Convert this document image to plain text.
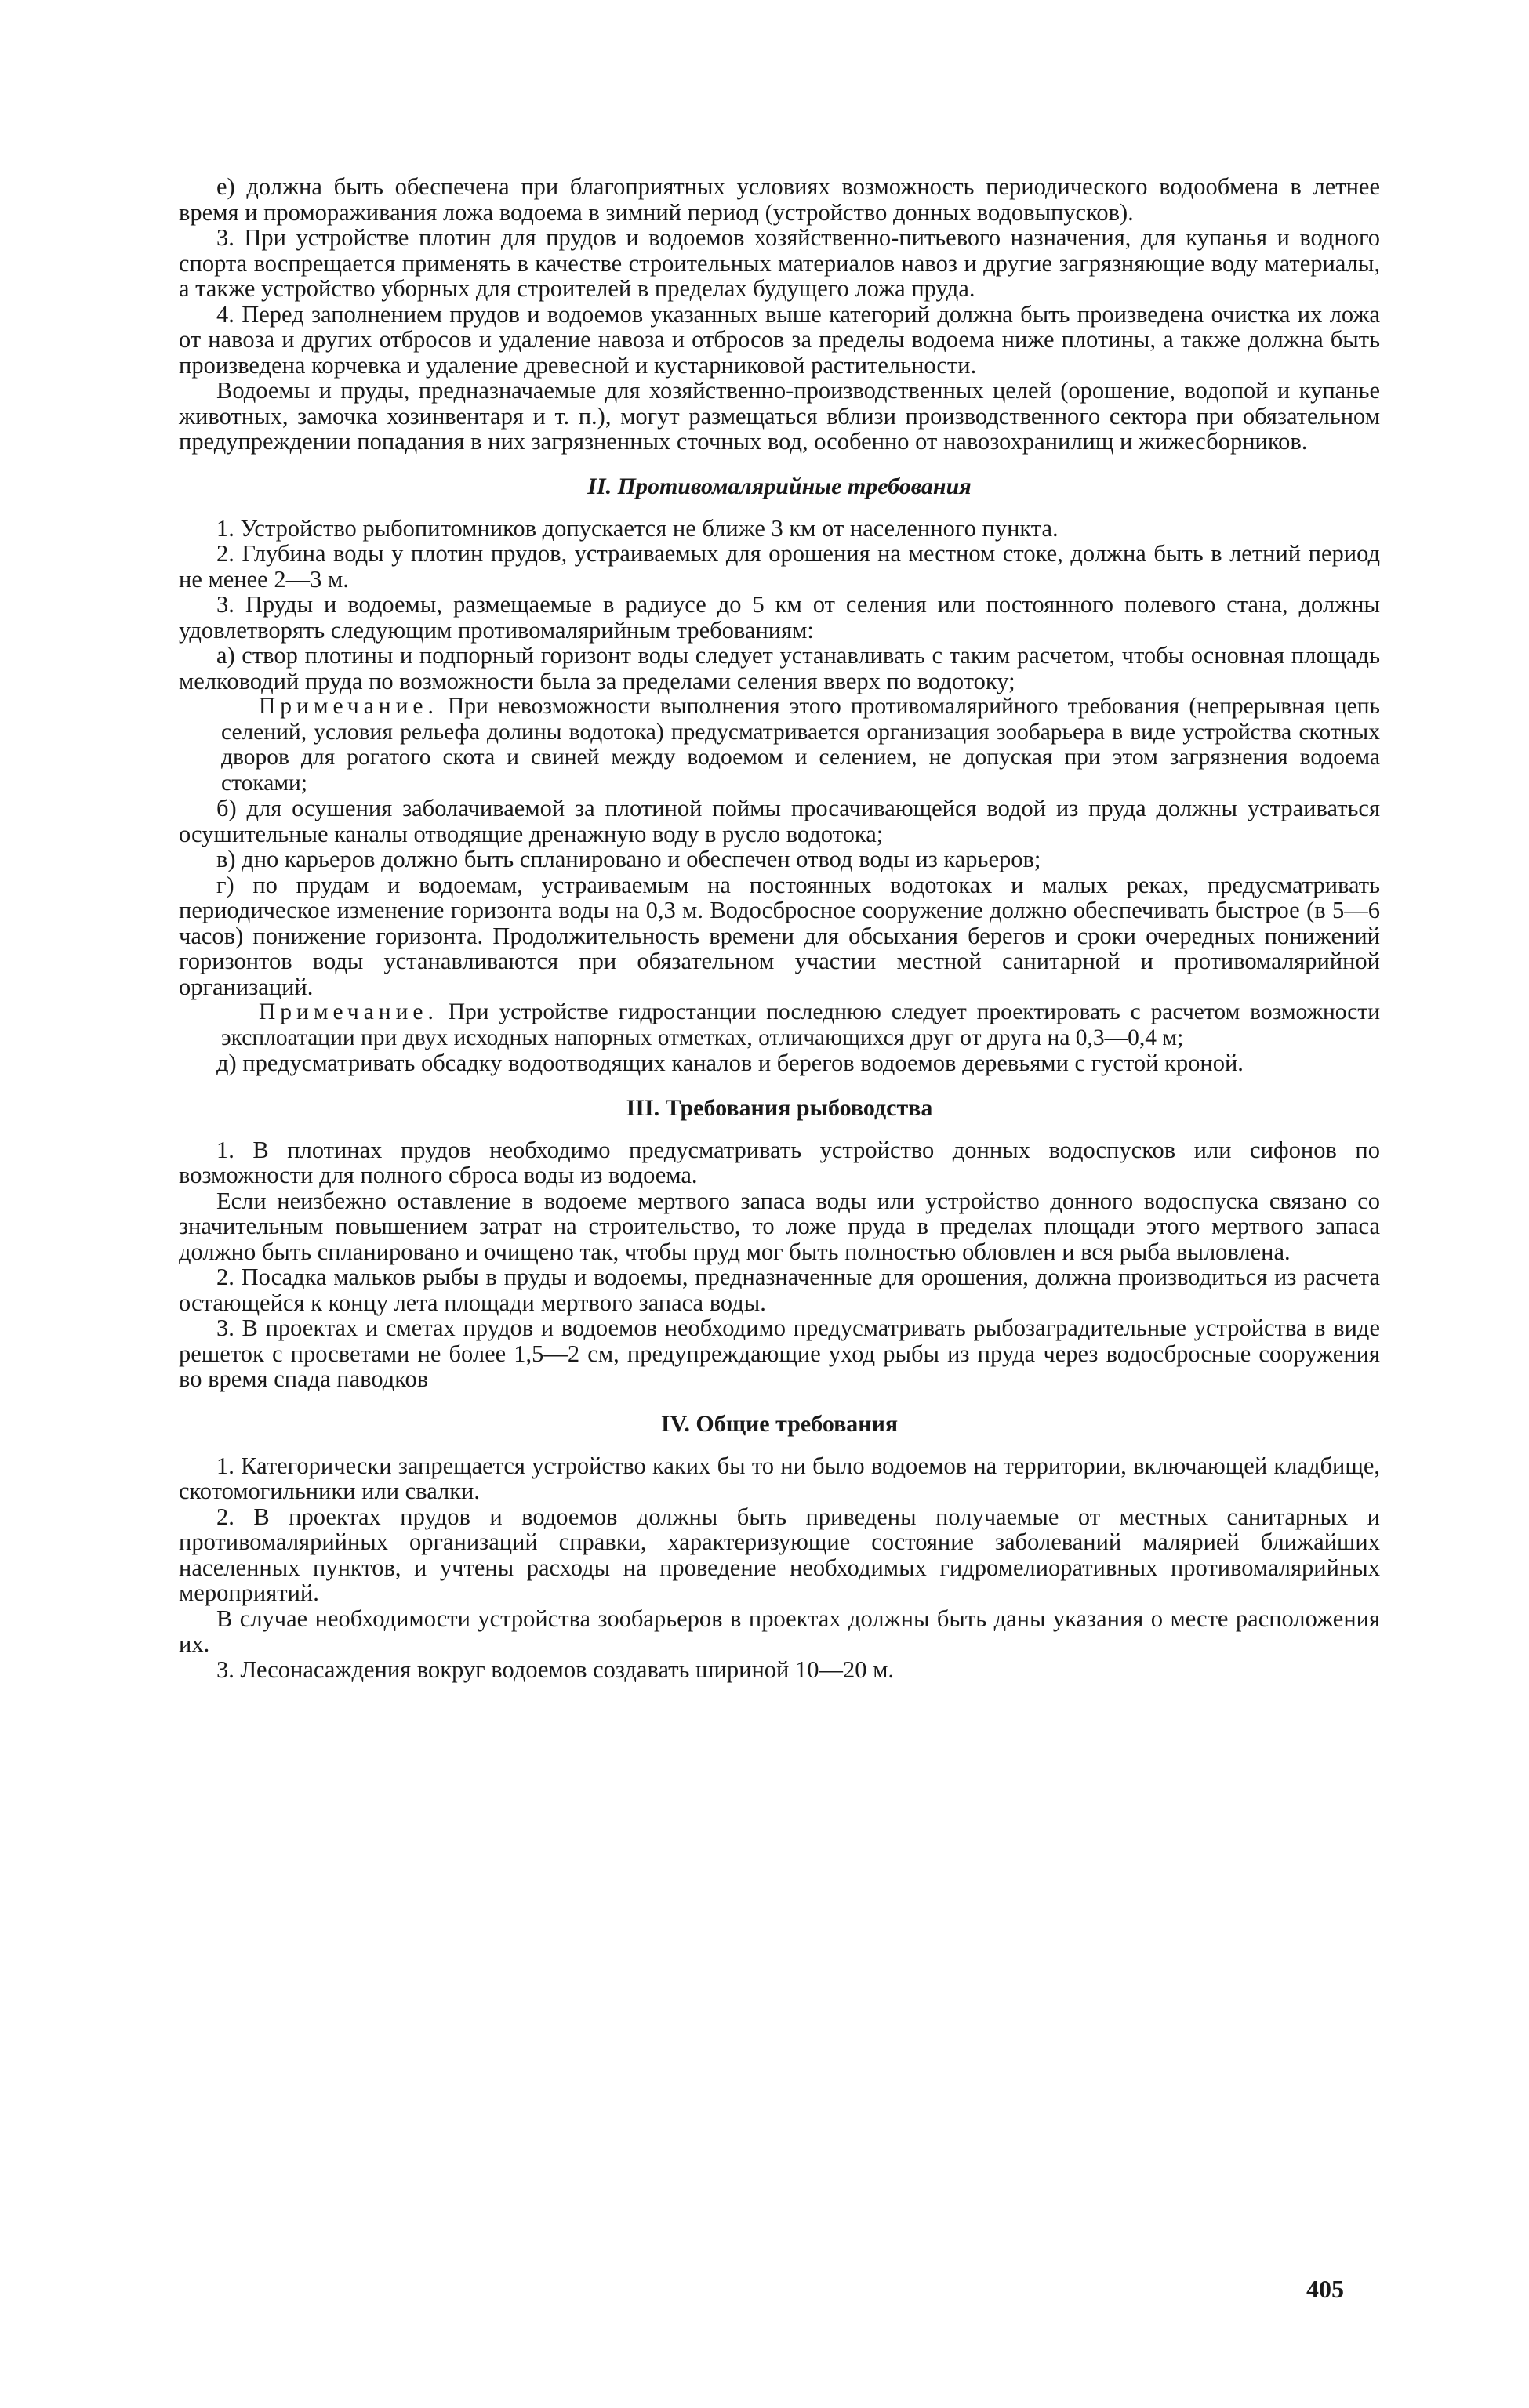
е) должна быть обеспечена при благоприятных условиях возможность периодического водообмена в летнее время и промораживания ложа водоема в зимний период (устройство донных водовыпусков).

3. При устройстве плотин для прудов и водоемов хозяйственно-питьевого назначения, для купанья и водного спорта воспрещается применять в качестве строительных материалов навоз и другие загрязняющие воду материалы, а также устройство уборных для строителей в пределах будущего ложа пруда.

4. Перед заполнением прудов и водоемов указанных выше категорий должна быть произведена очистка их ложа от навоза и других отбросов и удаление навоза и отбросов за пределы водоема ниже плотины, а также должна быть произведена корчевка и удаление древесной и кустарниковой растительности.

Водоемы и пруды, предназначаемые для хозяйственно-производственных целей (орошение, водопой и купанье животных, замочка хозинвентаря и т. п.), могут размещаться вблизи производственного сектора при обязательном предупреждении попадания в них загрязненных сточных вод, особенно от навозохранилищ и жижесборников.

II. Противомалярийные требования

1. Устройство рыбопитомников допускается не ближе 3 км от населенного пункта.

2. Глубина воды у плотин прудов, устраиваемых для орошения на местном стоке, должна быть в летний период не менее 2—3 м.

3. Пруды и водоемы, размещаемые в радиусе до 5 км от селения или постоянного полевого стана, должны удовлетворять следующим противомалярийным требованиям:

а) створ плотины и подпорный горизонт воды следует устанавливать с таким расчетом, чтобы основная площадь мелководий пруда по возможности была за пределами селения вверх по водотоку;

Примечание. При невозможности выполнения этого противомалярийного требования (непрерывная цепь селений, условия рельефа долины водотока) предусматривается организация зообарьера в виде устройства скотных дворов для рогатого скота и свиней между водоемом и селением, не допуская при этом загрязнения водоема стоками;

б) для осушения заболачиваемой за плотиной поймы просачивающейся водой из пруда должны устраиваться осушительные каналы отводящие дренажную воду в русло водотока;

в) дно карьеров должно быть спланировано и обеспечен отвод воды из карьеров;

г) по прудам и водоемам, устраиваемым на постоянных водотоках и малых реках, предусматривать периодическое изменение горизонта воды на 0,3 м. Водосбросное сооружение должно обеспечивать быстрое (в 5—6 часов) понижение горизонта. Продолжительность времени для обсыхания берегов и сроки очередных понижений горизонтов воды устанавливаются при обязательном участии местной санитарной и противомалярийной организаций.

Примечание. При устройстве гидростанции последнюю следует проектировать с расчетом возможности эксплоатации при двух исходных напорных отметках, отличающихся друг от друга на 0,3—0,4 м;

д) предусматривать обсадку водоотводящих каналов и берегов водоемов деревьями с густой кроной.

III. Требования рыбоводства

1. В плотинах прудов необходимо предусматривать устройство донных водоспусков или сифонов по возможности для полного сброса воды из водоема.

Если неизбежно оставление в водоеме мертвого запаса воды или устройство донного водоспуска связано со значительным повышением затрат на строительство, то ложе пруда в пределах площади этого мертвого запаса должно быть спланировано и очищено так, чтобы пруд мог быть полностью обловлен и вся рыба выловлена.

2. Посадка мальков рыбы в пруды и водоемы, предназначенные для орошения, должна производиться из расчета остающейся к концу лета площади мертвого запаса воды.

3. В проектах и сметах прудов и водоемов необходимо предусматривать рыбозаградительные устройства в виде решеток с просветами не более 1,5—2 см, предупреждающие уход рыбы из пруда через водосбросные сооружения во время спада паводков

IV. Общие требования

1. Категорически запрещается устройство каких бы то ни было водоемов на территории, включающей кладбище, скотомогильники или свалки.

2. В проектах прудов и водоемов должны быть приведены получаемые от местных санитарных и противомалярийных организаций справки, характеризующие состояние заболеваний малярией ближайших населенных пунктов, и учтены расходы на проведение необходимых гидромелиоративных противомалярийных мероприятий.

В случае необходимости устройства зообарьеров в проектах должны быть даны указания о месте расположения их.

3. Лесонасаждения вокруг водоемов создавать шириной 10—20 м.

405
